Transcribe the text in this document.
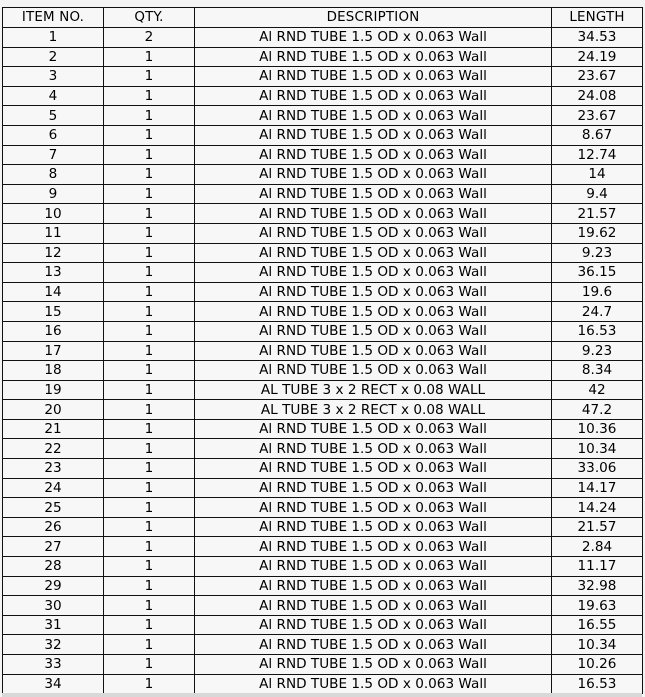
ITEM NO.	QTY.	DESCRIPTION	LENGTH
1	2	Al RND TUBE 1.5 OD x 0.063 Wall	34.53
2	1	Al RND TUBE 1.5 OD x 0.063 Wall	24.19
3	1	Al RND TUBE 1.5 OD x 0.063 Wall	23.67
4	1	Al RND TUBE 1.5 OD x 0.063 Wall	24.08
5	1	Al RND TUBE 1.5 OD x 0.063 Wall	23.67
6	1	Al RND TUBE 1.5 OD x 0.063 Wall	8.67
7	1	Al RND TUBE 1.5 OD x 0.063 Wall	12.74
8	1	Al RND TUBE 1.5 OD x 0.063 Wall	14
9	1	Al RND TUBE 1.5 OD x 0.063 Wall	9.4
10	1	Al RND TUBE 1.5 OD x 0.063 Wall	21.57
11	1	Al RND TUBE 1.5 OD x 0.063 Wall	19.62
12	1	Al RND TUBE 1.5 OD x 0.063 Wall	9.23
13	1	Al RND TUBE 1.5 OD x 0.063 Wall	36.15
14	1	Al RND TUBE 1.5 OD x 0.063 Wall	19.6
15	1	Al RND TUBE 1.5 OD x 0.063 Wall	24.7
16	1	Al RND TUBE 1.5 OD x 0.063 Wall	16.53
17	1	Al RND TUBE 1.5 OD x 0.063 Wall	9.23
18	1	Al RND TUBE 1.5 OD x 0.063 Wall	8.34
19	1	AL TUBE 3 x 2 RECT x 0.08 WALL	42
20	1	AL TUBE 3 x 2 RECT x 0.08 WALL	47.2
21	1	Al RND TUBE 1.5 OD x 0.063 Wall	10.36
22	1	Al RND TUBE 1.5 OD x 0.063 Wall	10.34
23	1	Al RND TUBE 1.5 OD x 0.063 Wall	33.06
24	1	Al RND TUBE 1.5 OD x 0.063 Wall	14.17
25	1	Al RND TUBE 1.5 OD x 0.063 Wall	14.24
26	1	Al RND TUBE 1.5 OD x 0.063 Wall	21.57
27	1	Al RND TUBE 1.5 OD x 0.063 Wall	2.84
28	1	Al RND TUBE 1.5 OD x 0.063 Wall	11.17
29	1	Al RND TUBE 1.5 OD x 0.063 Wall	32.98
30	1	Al RND TUBE 1.5 OD x 0.063 Wall	19.63
31	1	Al RND TUBE 1.5 OD x 0.063 Wall	16.55
32	1	Al RND TUBE 1.5 OD x 0.063 Wall	10.34
33	1	Al RND TUBE 1.5 OD x 0.063 Wall	10.26
34	1	Al RND TUBE 1.5 OD x 0.063 Wall	16.53
